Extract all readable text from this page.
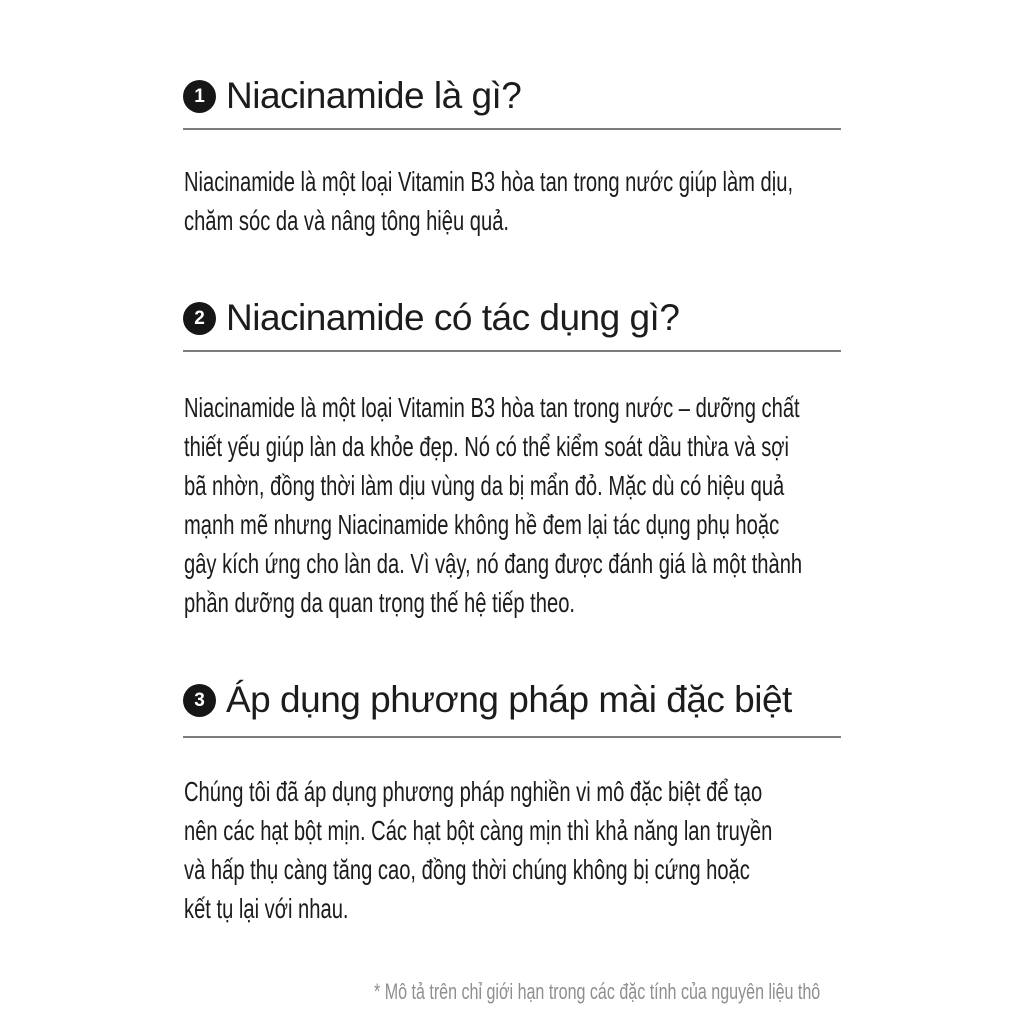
1 Niacinamide là gì?
Niacinamide là một loại Vitamin B3 hòa tan trong nước giúp làm dịu,
chăm sóc da và nâng tông hiệu quả.
2 Niacinamide có tác dụng gì?
Niacinamide là một loại Vitamin B3 hòa tan trong nước – dưỡng chất
thiết yếu giúp làn da khỏe đẹp. Nó có thể kiểm soát dầu thừa và sợi
bã nhờn, đồng thời làm dịu vùng da bị mẩn đỏ. Mặc dù có hiệu quả
mạnh mẽ nhưng Niacinamide không hề đem lại tác dụng phụ hoặc
gây kích ứng cho làn da. Vì vậy, nó đang được đánh giá là một thành
phần dưỡng da quan trọng thế hệ tiếp theo.
3 Áp dụng phương pháp mài đặc biệt
Chúng tôi đã áp dụng phương pháp nghiền vi mô đặc biệt để tạo
nên các hạt bột mịn. Các hạt bột càng mịn thì khả năng lan truyền
và hấp thụ càng tăng cao, đồng thời chúng không bị cứng hoặc
kết tụ lại với nhau.
* Mô tả trên chỉ giới hạn trong các đặc tính của nguyên liệu thô
